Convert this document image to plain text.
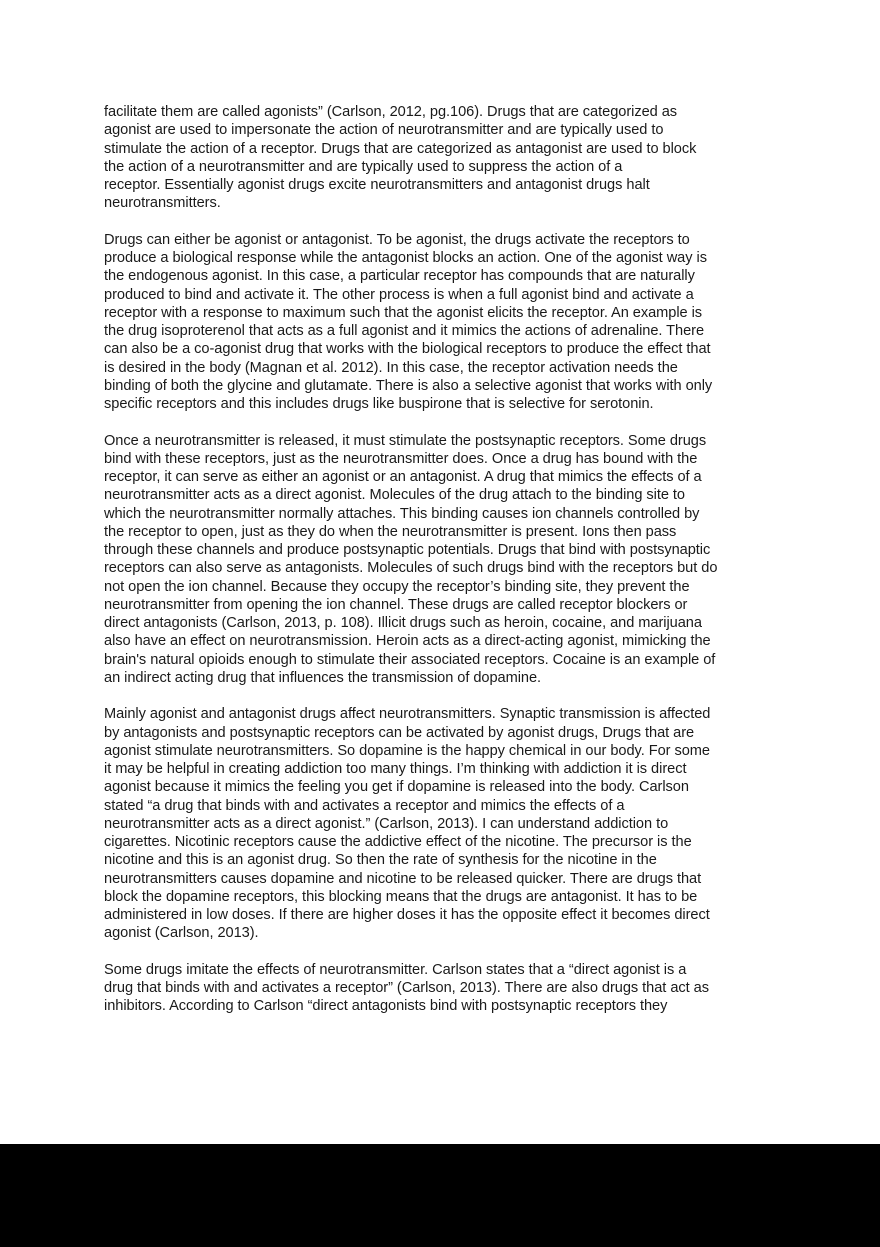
facilitate them are called agonists” (Carlson, 2012, pg.106). Drugs that are categorized as
agonist are used to impersonate the action of neurotransmitter and are typically used to
stimulate the action of a receptor. Drugs that are categorized as antagonist are used to block
the action of a neurotransmitter and are typically used to suppress the action of a
receptor. Essentially agonist drugs excite neurotransmitters and antagonist drugs halt
neurotransmitters.

Drugs can either be agonist or antagonist. To be agonist, the drugs activate the receptors to
produce a biological response while the antagonist blocks an action. One of the agonist way is
the endogenous agonist. In this case, a particular receptor has compounds that are naturally
produced to bind and activate it. The other process is when a full agonist bind and activate a
receptor with a response to maximum such that the agonist elicits the receptor. An example is
the drug isoproterenol that acts as a full agonist and it mimics the actions of adrenaline. There
can also be a co-agonist drug that works with the biological receptors to produce the effect that
is desired in the body (Magnan et al. 2012). In this case, the receptor activation needs the
binding of both the glycine and glutamate. There is also a selective agonist that works with only
specific receptors and this includes drugs like buspirone that is selective for serotonin.

Once a neurotransmitter is released, it must stimulate the postsynaptic receptors. Some drugs
bind with these receptors, just as the neurotransmitter does. Once a drug has bound with the
receptor, it can serve as either an agonist or an antagonist. A drug that mimics the effects of a
neurotransmitter acts as a direct agonist. Molecules of the drug attach to the binding site to
which the neurotransmitter normally attaches. This binding causes ion channels controlled by
the receptor to open, just as they do when the neurotransmitter is present. Ions then pass
through these channels and produce postsynaptic potentials. Drugs that bind with postsynaptic
receptors can also serve as antagonists. Molecules of such drugs bind with the receptors but do
not open the ion channel. Because they occupy the receptor’s binding site, they prevent the
neurotransmitter from opening the ion channel. These drugs are called receptor blockers or
direct antagonists (Carlson, 2013, p. 108). Illicit drugs such as heroin, cocaine, and marijuana
also have an effect on neurotransmission. Heroin acts as a direct-acting agonist, mimicking the
brain's natural opioids enough to stimulate their associated receptors. Cocaine is an example of
an indirect acting drug that influences the transmission of dopamine.

Mainly agonist and antagonist drugs affect neurotransmitters. Synaptic transmission is affected
by antagonists and postsynaptic receptors can be activated by agonist drugs, Drugs that are
agonist stimulate neurotransmitters. So dopamine is the happy chemical in our body. For some
it may be helpful in creating addiction too many things. I’m thinking with addiction it is direct
agonist because it mimics the feeling you get if dopamine is released into the body. Carlson
stated “a drug that binds with and activates a receptor and mimics the effects of a
neurotransmitter acts as a direct agonist.” (Carlson, 2013). I can understand addiction to
cigarettes. Nicotinic receptors cause the addictive effect of the nicotine. The precursor is the
nicotine and this is an agonist drug. So then the rate of synthesis for the nicotine in the
neurotransmitters causes dopamine and nicotine to be released quicker. There are drugs that
block the dopamine receptors, this blocking means that the drugs are antagonist. It has to be
administered in low doses. If there are higher doses it has the opposite effect it becomes direct
agonist (Carlson, 2013).

Some drugs imitate the effects of neurotransmitter. Carlson states that a “direct agonist is a
drug that binds with and activates a receptor” (Carlson, 2013). There are also drugs that act as
inhibitors. According to Carlson “direct antagonists bind with postsynaptic receptors they
